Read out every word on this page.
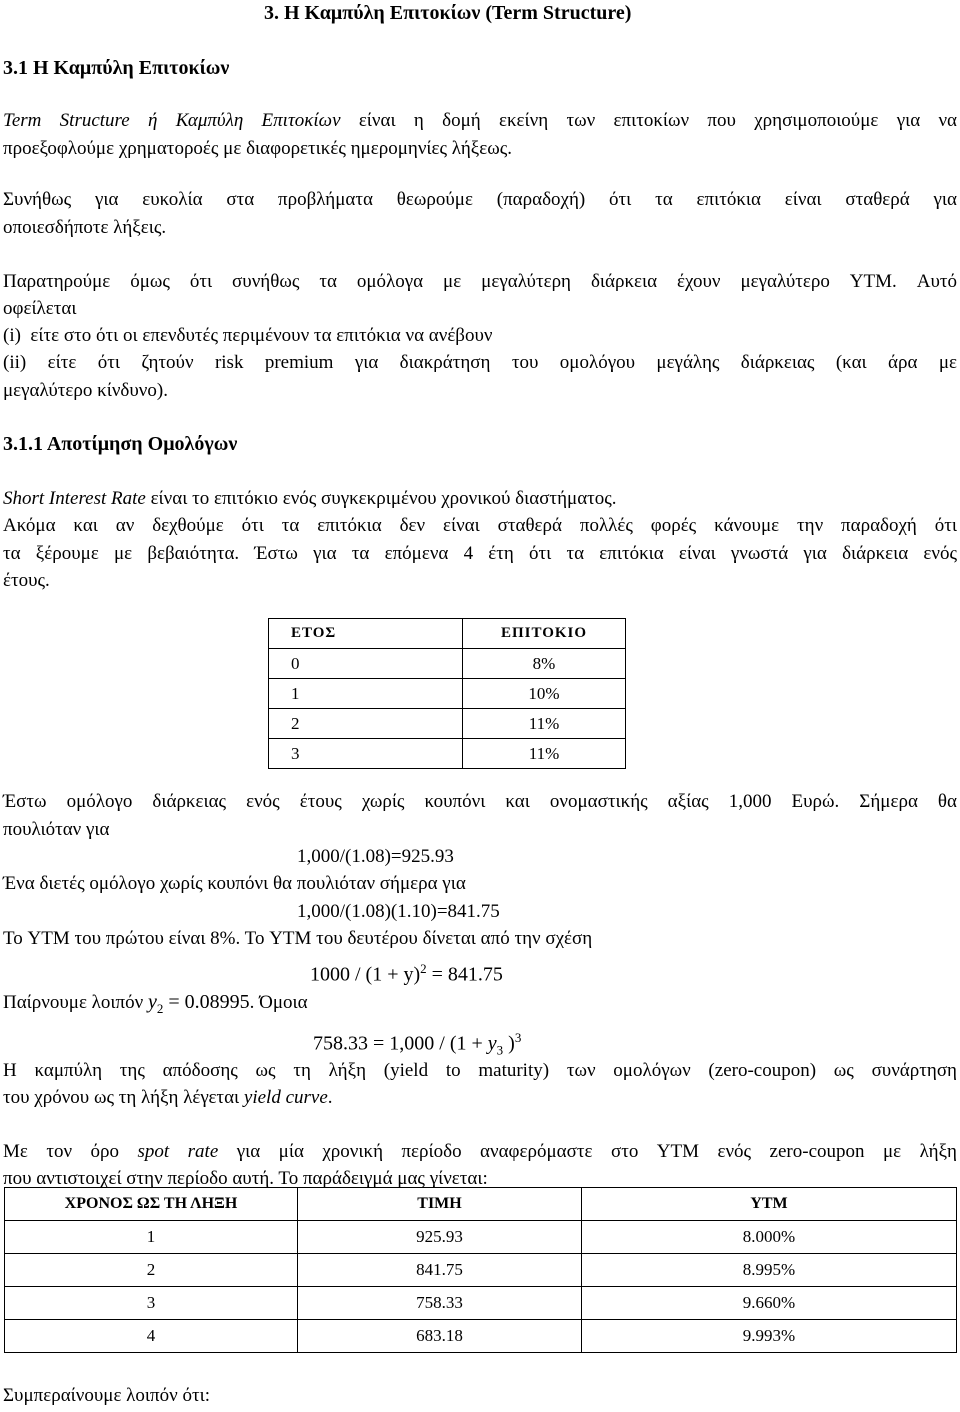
3. Η Καμπύλη Επιτοκίων (Term Structure)
3.1 Η Καμπύλη Επιτοκίων
Term Structure ή Καμπύλη Επιτοκίων είναι η δομή εκείνη των επιτοκίων που χρησιμοποιούμε για να
προεξοφλούμε χρηματοροές με διαφορετικές ημερομηνίες λήξεως.
Συνήθως για ευκολία στα προβλήματα θεωρούμε (παραδοχή) ότι τα επιτόκια είναι σταθερά για
οποιεσδήποτε λήξεις.
Παρατηρούμε όμως ότι συνήθως τα ομόλογα με μεγαλύτερη διάρκεια έχουν μεγαλύτερο YTM. Αυτό
οφείλεται
(i)  είτε στο ότι οι επενδυτές περιμένουν τα επιτόκια να ανέβουν
(ii) είτε ότι ζητούν risk premium για διακράτηση του ομολόγου μεγάλης διάρκειας (και άρα με
μεγαλύτερο κίνδυνο).
3.1.1 Αποτίμηση Ομολόγων
Short Interest Rate είναι το επιτόκιο ενός συγκεκριμένου χρονικού διαστήματος.
Ακόμα και αν δεχθούμε ότι τα επιτόκια δεν είναι σταθερά πολλές φορές κάνουμε την παραδοχή ότι
τα ξέρουμε με βεβαιότητα. Έστω για τα επόμενα 4 έτη ότι τα επιτόκια είναι γνωστά για διάρκεια ενός
έτους.
ΕΤΟΣ	ΕΠΙΤΟΚΙΟ
0	8%
1	10%
2	11%
3	11%
Έστω ομόλογο διάρκειας ενός έτους χωρίς κουπόνι και ονομαστικής αξίας 1,000 Ευρώ. Σήμερα θα
πουλιόταν για
1,000/(1.08)=925.93
Ένα διετές ομόλογο χωρίς κουπόνι θα πουλιόταν σήμερα για
1,000/(1.08)(1.10)=841.75
Το YTM του πρώτου είναι 8%. Το YTM του δευτέρου δίνεται από την σχέση
$1000 / (1 + y)^2 = 841.75$
Παίρνουμε λοιπόν $y_2 = 0.08995$. Όμοια
$758.33 = 1,000 / (1 + y_3$ )$^3$
Η καμπύλη της απόδοσης ως τη λήξη (yield to maturity) των ομολόγων (zero-coupon) ως συνάρτηση
του χρόνου ως τη λήξη λέγεται yield curve.
Με τον όρο spot rate για μία χρονική περίοδο αναφερόμαστε στο YTM ενός zero-coupon με λήξη
που αντιστοιχεί στην περίοδο αυτή. Το παράδειγμά μας γίνεται:
ΧΡΟΝΟΣ ΩΣ ΤΗ ΛΗΞΗ	ΤΙΜΗ	YTM
1	925.93	8.000%
2	841.75	8.995%
3	758.33	9.660%
4	683.18	9.993%
Συμπεραίνουμε λοιπόν ότι:
